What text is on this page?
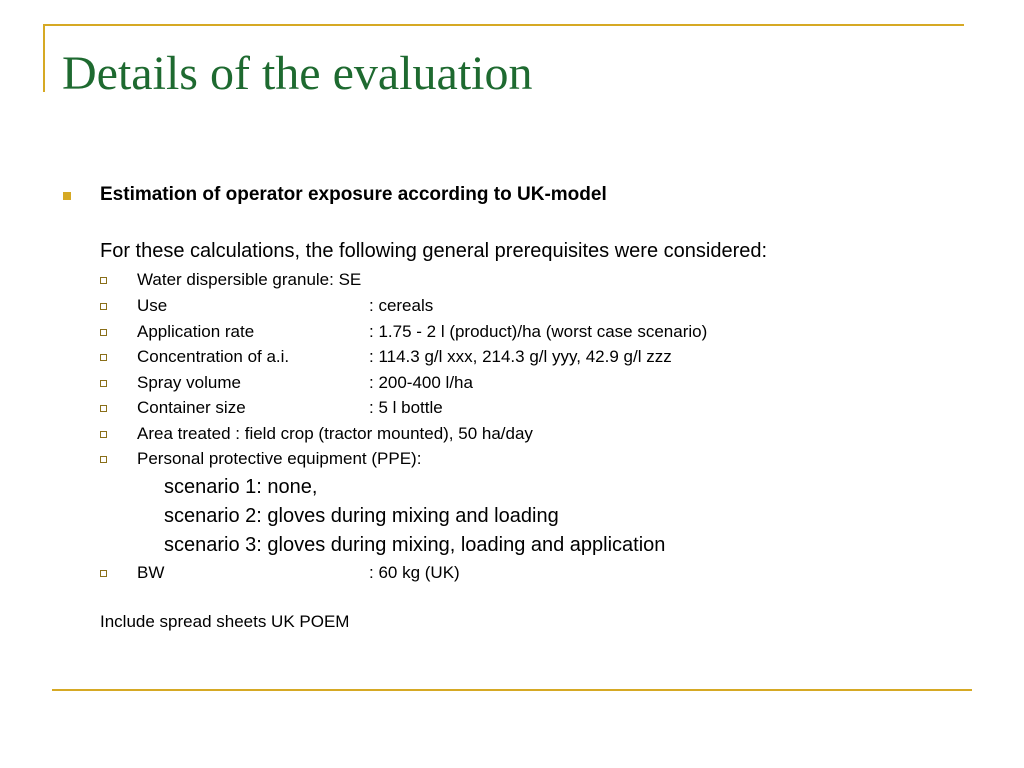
Details of the evaluation
Estimation of operator exposure according to UK-model
For these calculations, the following general prerequisites were considered:
Water dispersible granule: SE
Use	: cereals
Application rate	: 1.75 - 2 l (product)/ha (worst case scenario)
Concentration of a.i.	: 114.3 g/l xxx, 214.3 g/l yyy, 42.9 g/l zzz
Spray volume	: 200-400 l/ha
Container size	: 5 l bottle
Area treated : field crop (tractor mounted), 50 ha/day
Personal protective equipment (PPE):
BW	: 60 kg (UK)
scenario 1: none,
scenario 2: gloves during mixing and loading
scenario 3: gloves during mixing, loading and application
Include spread sheets UK POEM
